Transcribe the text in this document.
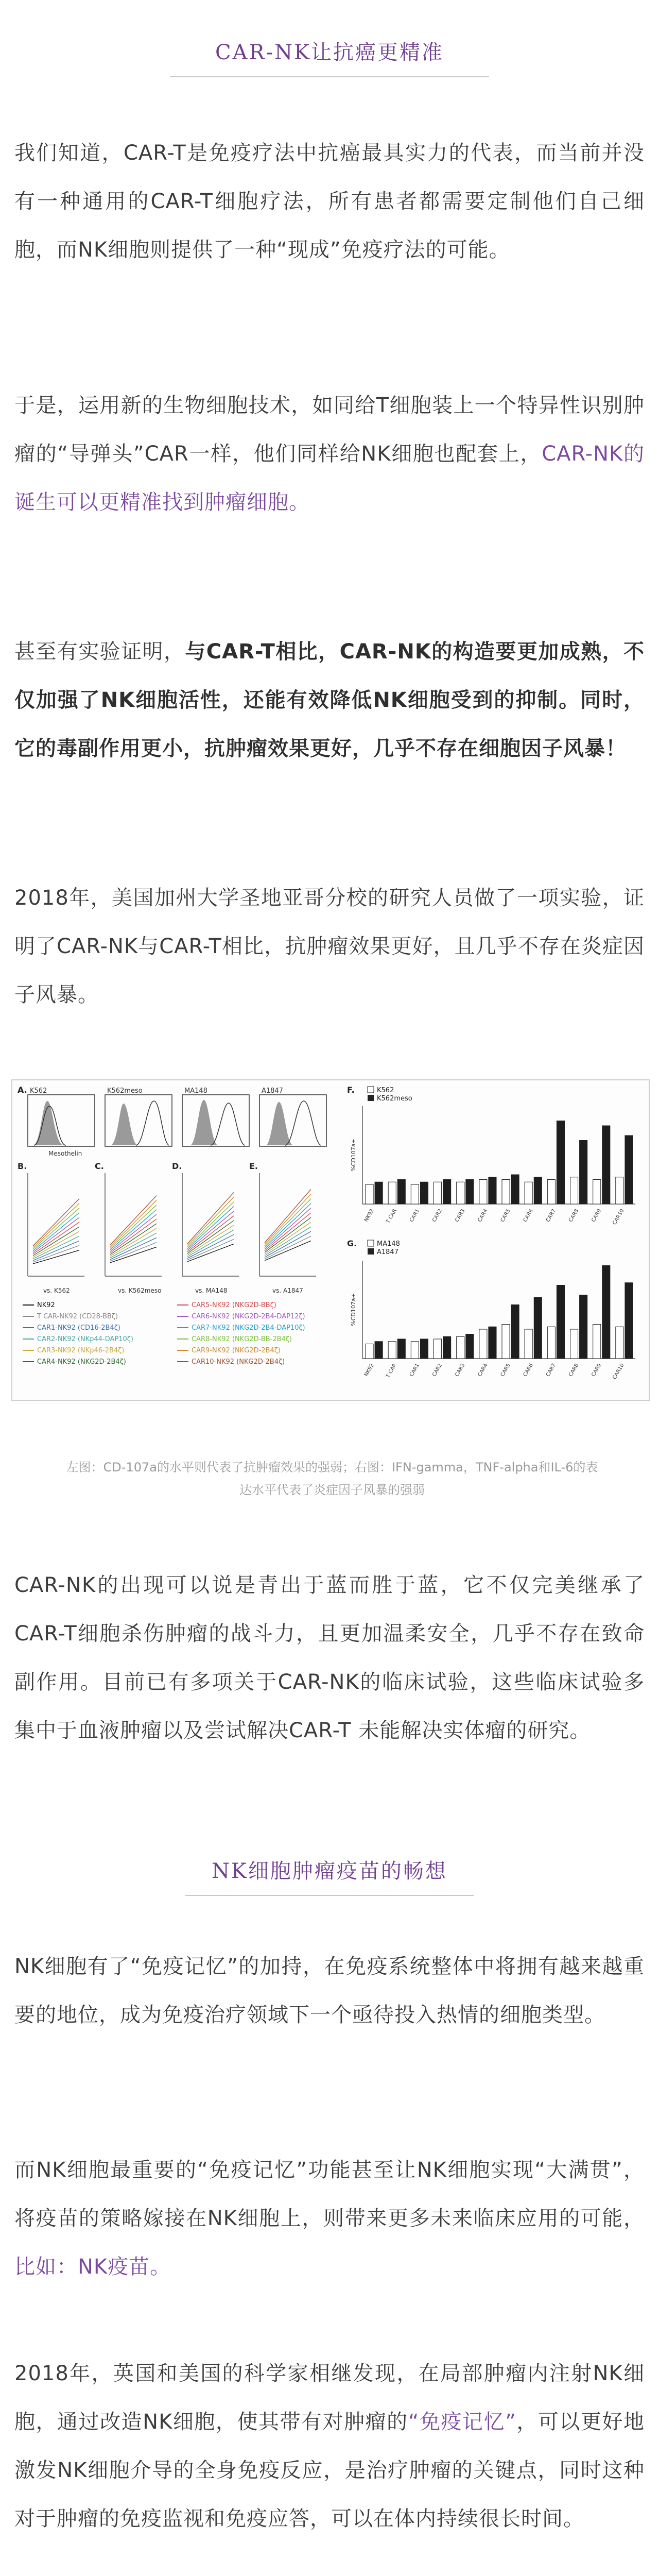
CAR-NK让抗癌更精准
我们知道，CAR-T是免疫疗法中抗癌最具实力的代表，而当前并没有一种通用的CAR-T细胞疗法，所有患者都需要定制他们自己细胞，而NK细胞则提供了一种“现成”免疫疗法的可能。
于是，运用新的生物细胞技术，如同给T细胞装上一个特异性识别肿瘤的“导弹头”CAR一样，他们同样给NK细胞也配套上，CAR-NK的诞生可以更精准找到肿瘤细胞。
甚至有实验证明，与CAR-T相比，CAR-NK的构造要更加成熟，不仅加强了NK细胞活性，还能有效降低NK细胞受到的抑制。同时，它的毒副作用更小，抗肿瘤效果更好，几乎不存在细胞因子风暴！
2018年，美国加州大学圣地亚哥分校的研究人员做了一项实验，证明了CAR-NK与CAR-T相比，抗肿瘤效果更好，且几乎不存在炎症因子风暴。
A. K562	K562meso	MA148	A1847
Mesothelin
B.	C.	D.	E.
vs. K562	vs. K562meso	vs. MA148	vs. A1847
NK92
T CAR-NK92 (CD28-BBζ)
CAR1-NK92 (CD16-2B4ζ)
CAR2-NK92 (NKp44-DAP10ζ)
CAR3-NK92 (NKp46-2B4ζ)
CAR4-NK92 (NKG2D-2B4ζ)
CAR5-NK92 (NKG2D-BBζ)
CAR6-NK92 (NKG2D-2B4-DAP12ζ)
CAR7-NK92 (NKG2D-2B4-DAP10ζ)
CAR8-NK92 (NKG2D-BB-2B4ζ)
CAR9-NK92 (NKG2D-2B4ζ)
CAR10-NK92 (NKG2D-2B4ζ)
F.
G.
K562
K562meso
MA148
A1847
%CD107a+
NK92 T CAR CAR1 CAR2 CAR3 CAR4 CAR5 CAR6 CAR7 CAR8 CAR9 CAR10
%CD107a+
NK92 T CAR CAR1 CAR2 CAR3 CAR4 CAR5 CAR6 CAR7 CAR8 CAR9 CAR10
左图：CD-107a的水平则代表了抗肿瘤效果的强弱；右图：IFN-gamma，TNF-alpha和IL-6的表
达水平代表了炎症因子风暴的强弱
CAR-NK的出现可以说是青出于蓝而胜于蓝，它不仅完美继承了CAR-T细胞杀伤肿瘤的战斗力，且更加温柔安全，几乎不存在致命副作用。目前已有多项关于CAR-NK的临床试验，这些临床试验多集中于血液肿瘤以及尝试解决CAR-T 未能解决实体瘤的研究。
NK细胞肿瘤疫苗的畅想
NK细胞有了“免疫记忆”的加持，在免疫系统整体中将拥有越来越重要的地位，成为免疫治疗领域下一个亟待投入热情的细胞类型。
而NK细胞最重要的“免疫记忆”功能甚至让NK细胞实现“大满贯”，将疫苗的策略嫁接在NK细胞上，则带来更多未来临床应用的可能，比如：NK疫苗。
2018年，英国和美国的科学家相继发现，在局部肿瘤内注射NK细胞，通过改造NK细胞，使其带有对肿瘤的“免疫记忆”，可以更好地激发NK细胞介导的全身免疫反应，是治疗肿瘤的关键点，同时这种对于肿瘤的免疫监视和免疫应答，可以在体内持续很长时间。
